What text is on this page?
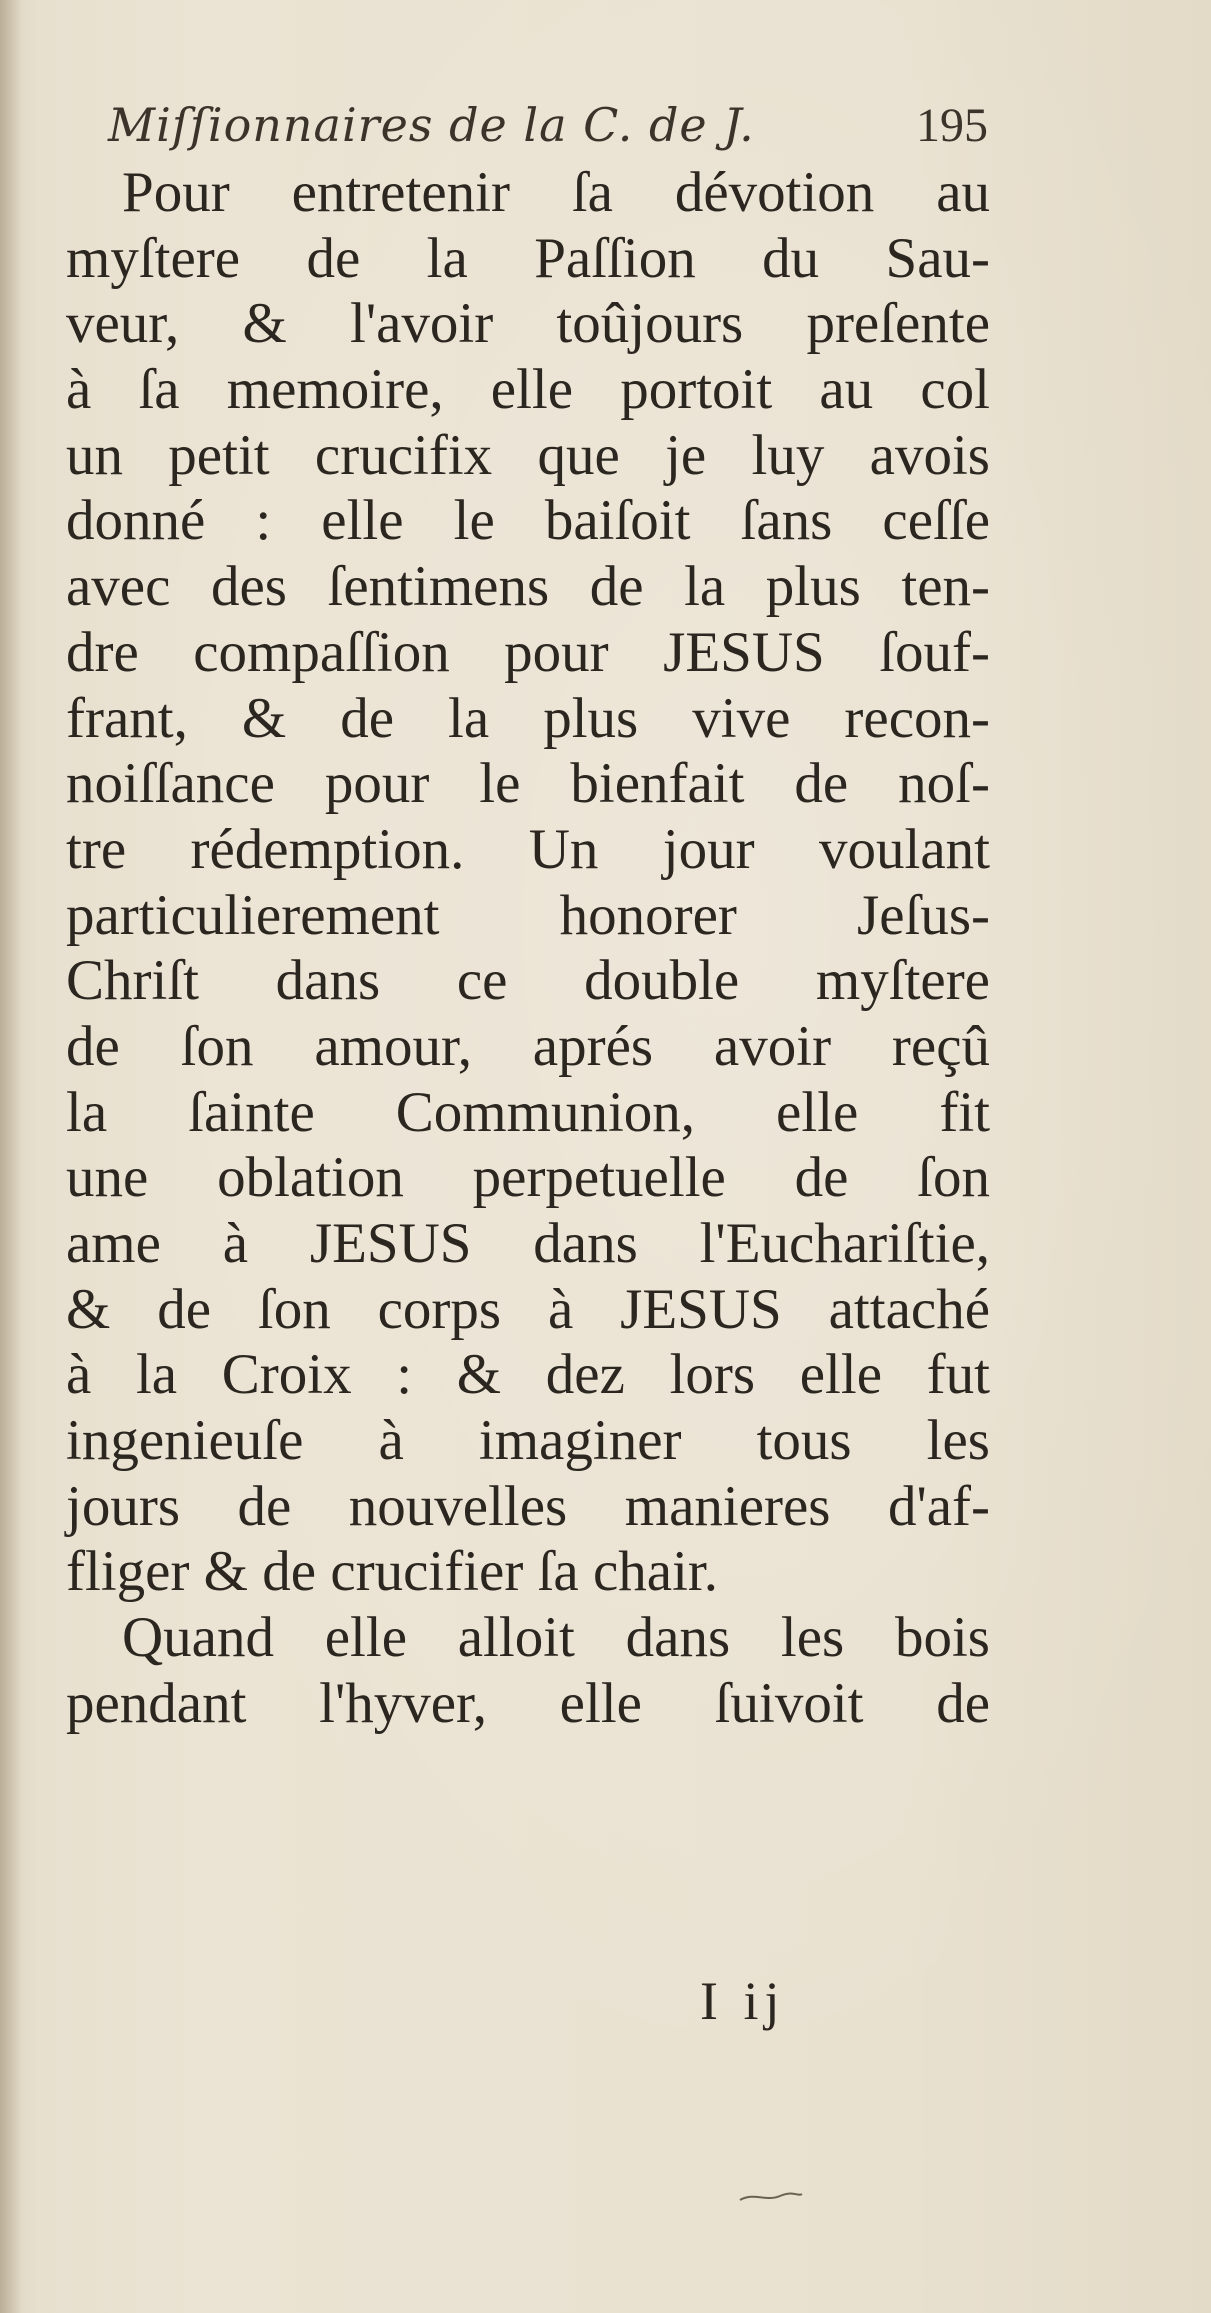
Miſſionnaires de la C. de J.	195
Pour entretenir ſa dévotion au
myſtere de la Paſſion du Sau-
veur, & l'avoir toûjours preſente
à ſa memoire, elle portoit au col
un petit crucifix que je luy avois
donné : elle le baiſoit ſans ceſſe
avec des ſentimens de la plus ten-
dre compaſſion pour JESUS ſouf-
frant, & de la plus vive recon-
noiſſance pour le bienfait de noſ-
tre rédemption. Un jour voulant
particulierement honorer Jeſus-
Chriſt dans ce double myſtere
de ſon amour, aprés avoir reçû
la ſainte Communion, elle fit
une oblation perpetuelle de ſon
ame à JESUS dans l'Euchariſtie,
& de ſon corps à JESUS attaché
à la Croix : & dez lors elle fut
ingenieuſe à imaginer tous les
jours de nouvelles manieres d'af-
fliger & de crucifier ſa chair.
Quand elle alloit dans les bois
pendant l'hyver, elle ſuivoit de
I ij
